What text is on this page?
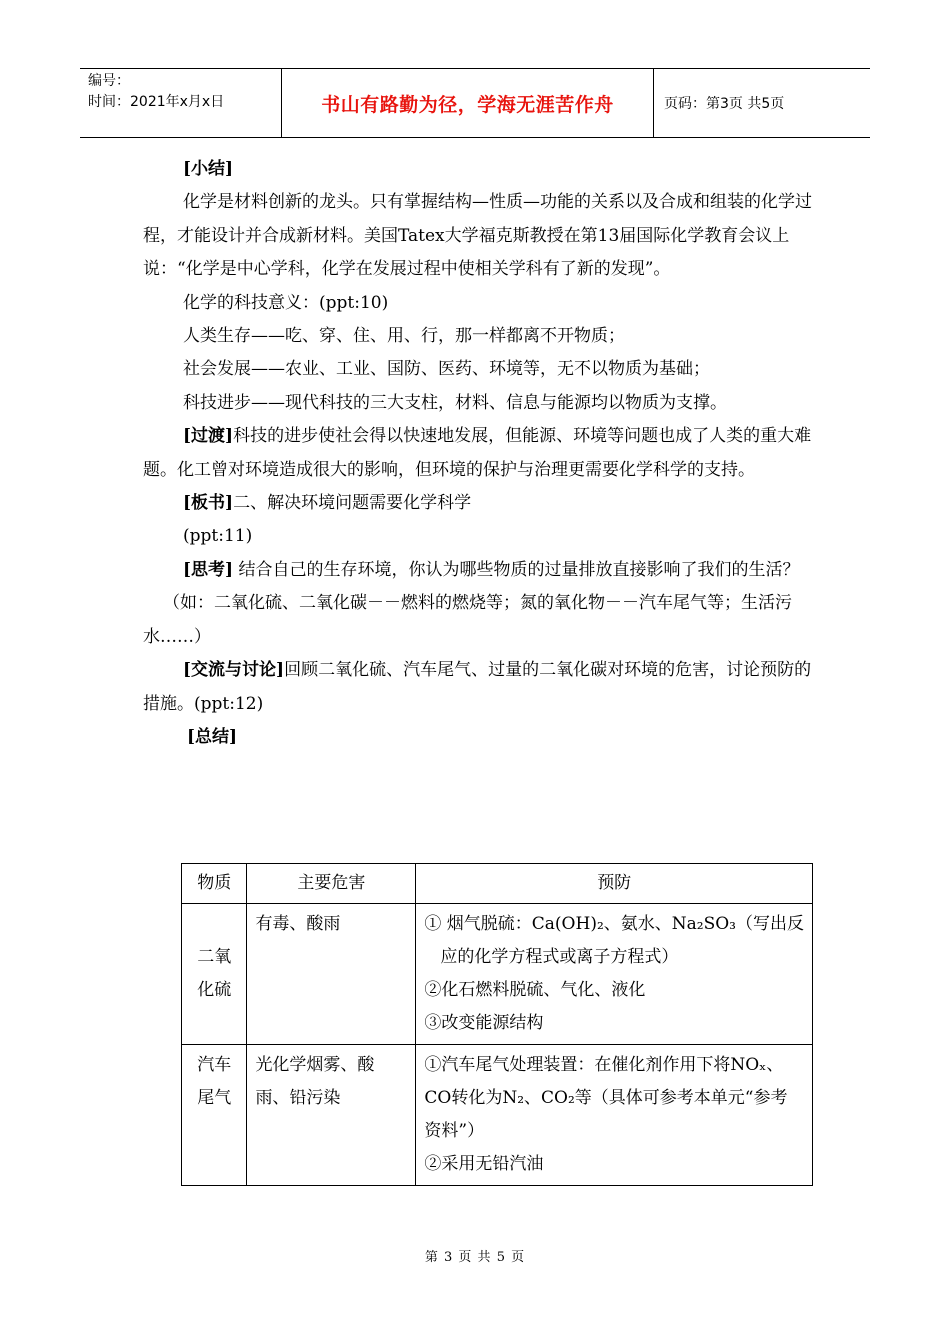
编号：
时间：2021年x月x日	书山有路勤为径，学海无涯苦作舟	页码：第3页 共5页

[小结]

化学是材料创新的龙头。只有掌握结构—性质—功能的关系以及合成和组装的化学过程，才能设计并合成新材料。美国Tatex大学福克斯教授在第13届国际化学教育会议上说：“化学是中心学科，化学在发展过程中使相关学科有了新的发现”。

化学的科技意义：(ppt:10)

人类生存——吃、穿、住、用、行，那一样都离不开物质；

社会发展——农业、工业、国防、医药、环境等，无不以物质为基础；

科技进步——现代科技的三大支柱，材料、信息与能源均以物质为支撑。

[过渡]科技的进步使社会得以快速地发展，但能源、环境等问题也成了人类的重大难题。化工曾对环境造成很大的影响，但环境的保护与治理更需要化学科学的支持。

[板书]二、解决环境问题需要化学科学

(ppt:11)

[思考] 结合自己的生存环境，你认为哪些物质的过量排放直接影响了我们的生活？

（如：二氧化硫、二氧化碳－－燃料的燃烧等；氮的氧化物－－汽车尾气等；生活污水……）

[交流与讨论]回顾二氧化硫、汽车尾气、过量的二氧化碳对环境的危害，讨论预防的措施。(ppt:12)

[总结]

物质	主要危害	预防
二氧化硫	有毒、酸雨	① 烟气脱硫：Ca(OH)₂、氨水、Na₂SO₃（写出反
应的化学方程式或离子方程式）
②化石燃料脱硫、气化、液化
③改变能源结构

汽车尾气	光化学烟雾、酸雨、铅污染	①汽车尾气处理装置：在催化剂作用下将NOₓ、CO转化为N₂、CO₂等（具体可参考本单元“参考资料”）
②采用无铅汽油
第 3 页 共 5 页
